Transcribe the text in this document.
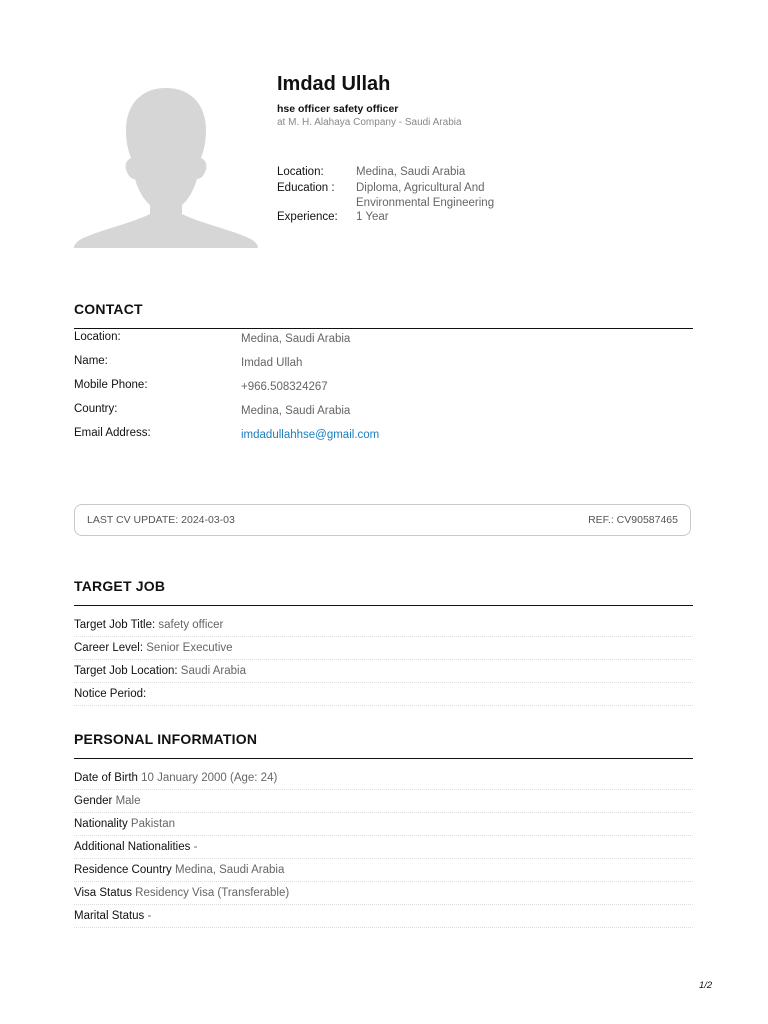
Imdad Ullah
hse officer safety officer
at M. H. Alahaya Company - Saudi Arabia
Location:	Medina, Saudi Arabia
Education :	Diploma, Agricultural And
Environmental Engineering
Experience:	1 Year
CONTACT
Location:	Medina, Saudi Arabia
Name:	Imdad Ullah
Mobile Phone:	+966.508324267
Country:	Medina, Saudi Arabia
Email Address:	imdadullahhse@gmail.com
LAST CV UPDATE: 2024-03-03	REF.: CV90587465
TARGET JOB
Target Job Title: safety officer
Career Level: Senior Executive
Target Job Location: Saudi Arabia
Notice Period:
PERSONAL INFORMATION
Date of Birth 10 January 2000 (Age: 24)
Gender Male
Nationality Pakistan
Additional Nationalities -
Residence Country Medina, Saudi Arabia
Visa Status Residency Visa (Transferable)
Marital Status -
1/2
